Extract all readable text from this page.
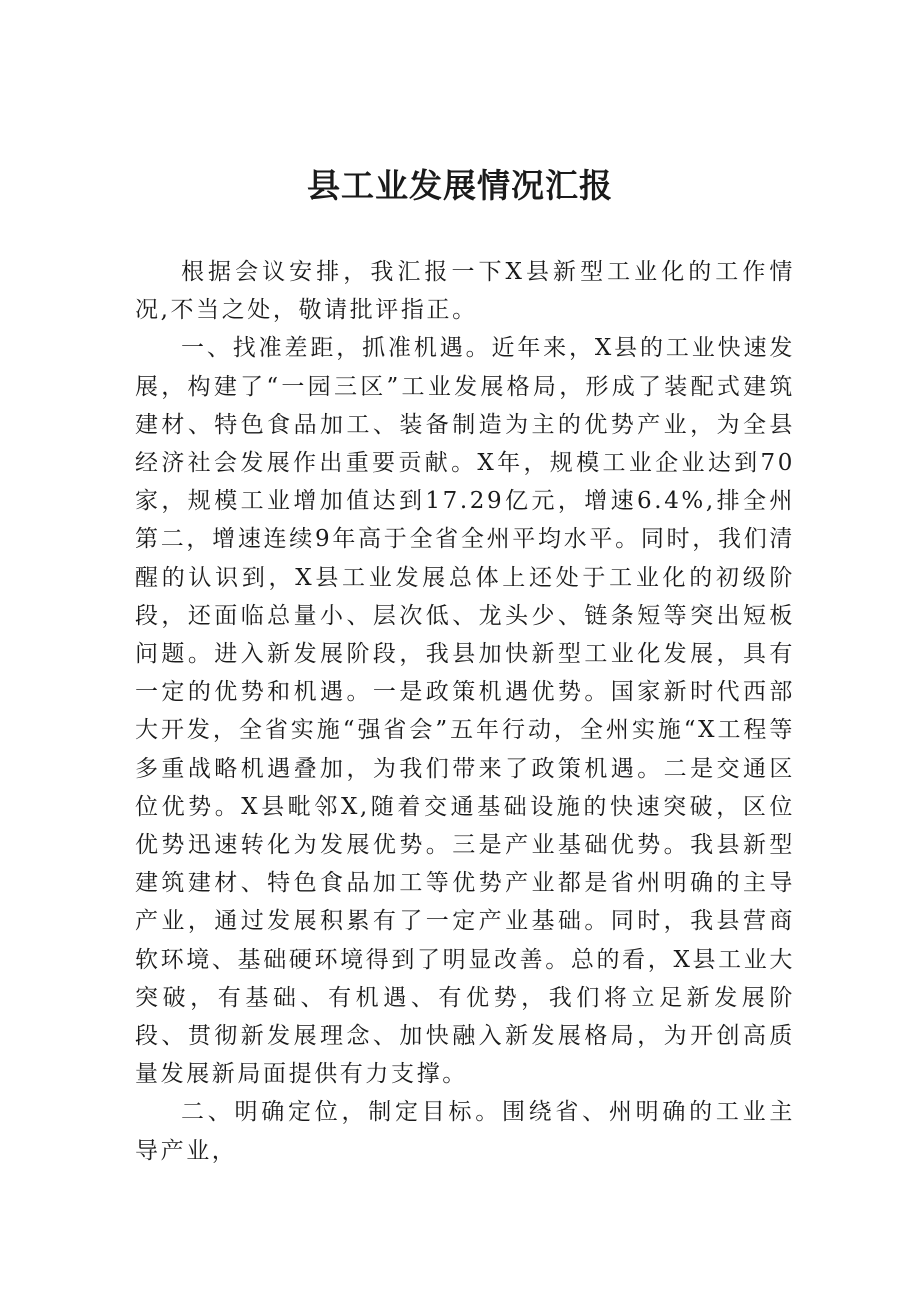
县工业发展情况汇报

根据会议安排，我汇报一下X县新型工业化的工作情况,不当之处，敬请批评指正。

一、找准差距，抓准机遇。近年来，X县的工业快速发展，构建了“一园三区”工业发展格局，形成了装配式建筑建材、特色食品加工、装备制造为主的优势产业，为全县经济社会发展作出重要贡献。X年，规模工业企业达到70家，规模工业增加值达到17.29亿元，增速6.4%,排全州第二，增速连续9年高于全省全州平均水平。同时，我们清醒的认识到，X县工业发展总体上还处于工业化的初级阶段，还面临总量小、层次低、龙头少、链条短等突出短板问题。进入新发展阶段，我县加快新型工业化发展，具有一定的优势和机遇。一是政策机遇优势。国家新时代西部大开发，全省实施“强省会”五年行动，全州实施“X工程等多重战略机遇叠加，为我们带来了政策机遇。二是交通区位优势。X县毗邻X,随着交通基础设施的快速突破，区位优势迅速转化为发展优势。三是产业基础优势。我县新型建筑建材、特色食品加工等优势产业都是省州明确的主导产业，通过发展积累有了一定产业基础。同时，我县营商软环境、基础硬环境得到了明显改善。总的看，X县工业大突破，有基础、有机遇、有优势，我们将立足新发展阶段、贯彻新发展理念、加快融入新发展格局，为开创高质量发展新局面提供有力支撑。

二、明确定位，制定目标。围绕省、州明确的工业主导产业，
